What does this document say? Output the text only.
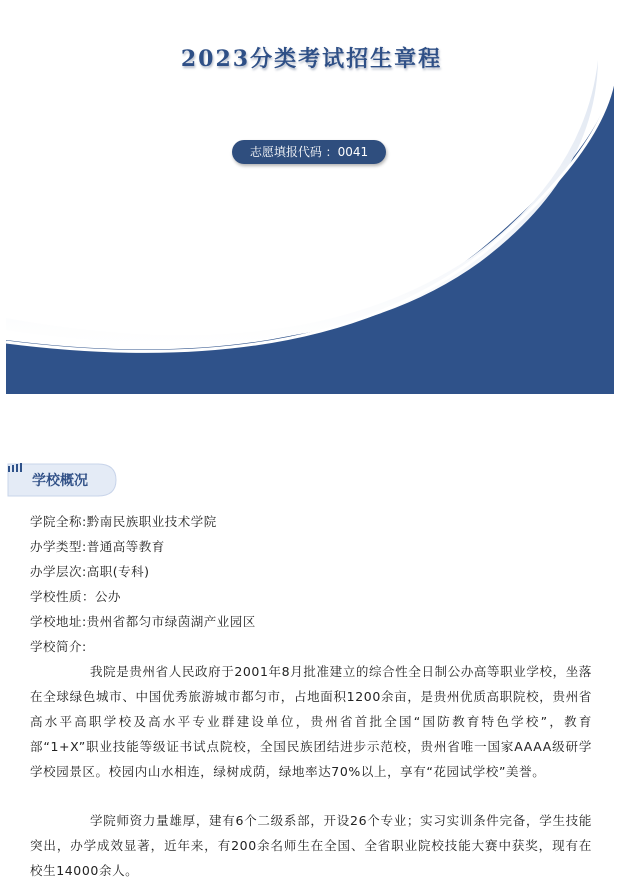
2023分类考试招生章程
志愿填报代码 ：0041
学校概况
学院全称:黔南民族职业技术学院
办学类型:普通高等教育
办学层次:高职(专科)
学校性质：公办
学校地址:贵州省都匀市绿茵湖产业园区
学校简介:

我院是贵州省人民政府于2001年8月批准建立的综合性全日制公办高等职业学校，坐落在全球绿色城市、中国优秀旅游城市都匀市，占地面积1200余亩，是贵州优质高职院校，贵州省高水平高职学校及高水平专业群建设单位，贵州省首批全国“国防教育特色学校”，教育部“1+X”职业技能等级证书试点院校，全国民族团结进步示范校，贵州省唯一国家AAAA级研学学校园景区。校园内山水相连，绿树成荫，绿地率达70%以上，享有“花园试学校”美誉。

学院师资力量雄厚，建有6个二级系部，开设26个专业；实习实训条件完备，学生技能突出，办学成效显著，近年来，有200余名师生在全国、全省职业院校技能大赛中获奖，现有在校生14000余人。
